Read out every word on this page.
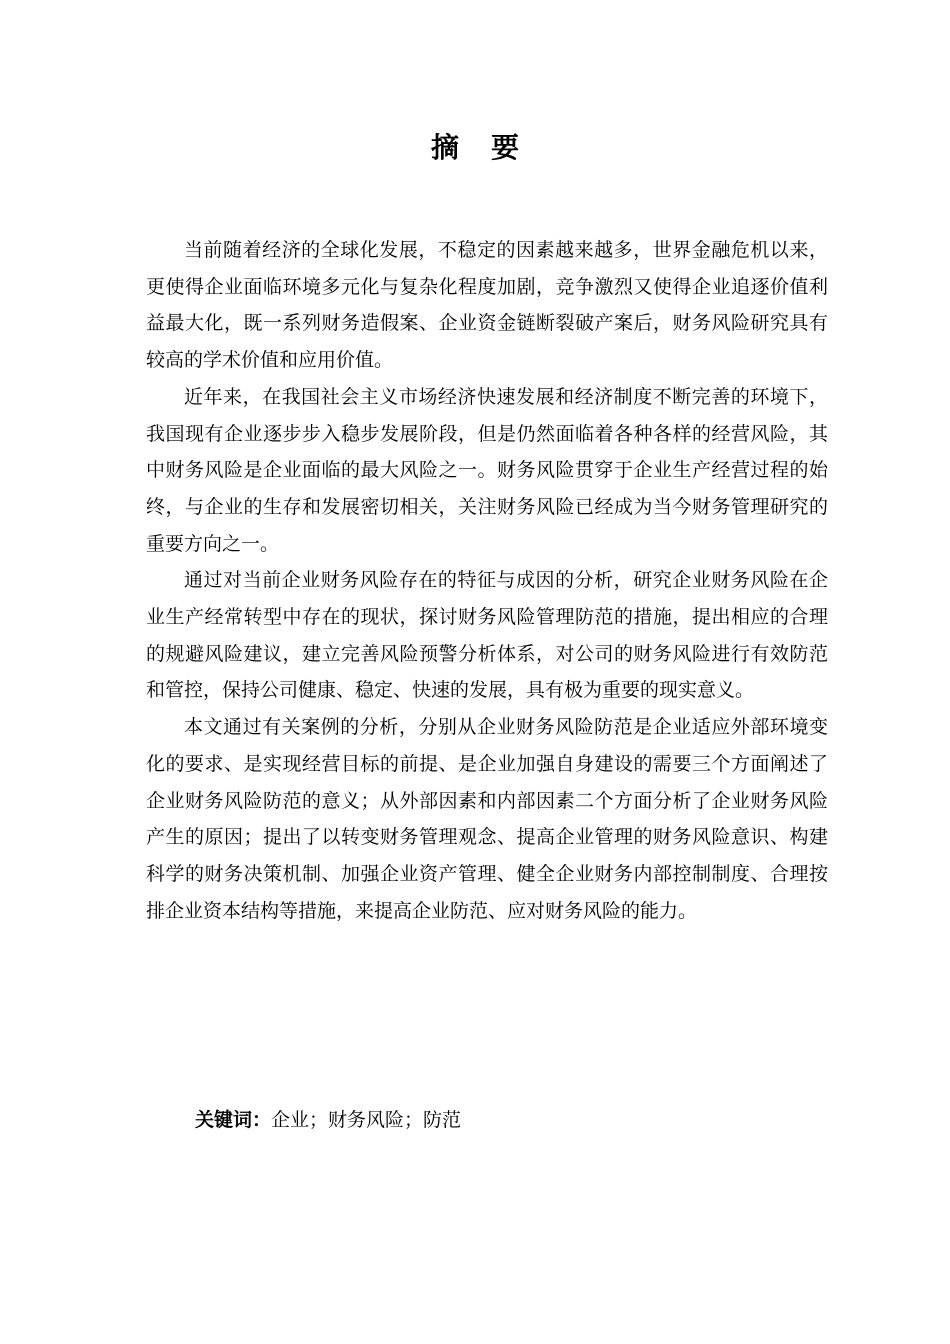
摘 要

当前随着经济的全球化发展，不稳定的因素越来越多，世界金融危机以来，更使得企业面临环境多元化与复杂化程度加剧，竞争激烈又使得企业追逐价值利益最大化，既一系列财务造假案、企业资金链断裂破产案后，财务风险研究具有较高的学术价值和应用价值。

近年来，在我国社会主义市场经济快速发展和经济制度不断完善的环境下，我国现有企业逐步步入稳步发展阶段，但是仍然面临着各种各样的经营风险，其中财务风险是企业面临的最大风险之一。财务风险贯穿于企业生产经营过程的始终，与企业的生存和发展密切相关，关注财务风险已经成为当今财务管理研究的重要方向之一。

通过对当前企业财务风险存在的特征与成因的分析，研究企业财务风险在企业生产经常转型中存在的现状，探讨财务风险管理防范的措施，提出相应的合理的规避风险建议，建立完善风险预警分析体系，对公司的财务风险进行有效防范和管控，保持公司健康、稳定、快速的发展，具有极为重要的现实意义。

本文通过有关案例的分析，分别从企业财务风险防范是企业适应外部环境变化的要求、是实现经营目标的前提、是企业加强自身建设的需要三个方面阐述了企业财务风险防范的意义；从外部因素和内部因素二个方面分析了企业财务风险产生的原因；提出了以转变财务管理观念、提高企业管理的财务风险意识、构建科学的财务决策机制、加强企业资产管理、健全企业财务内部控制制度、合理按排企业资本结构等措施，来提高企业防范、应对财务风险的能力。

关键词：企业；财务风险；防范
